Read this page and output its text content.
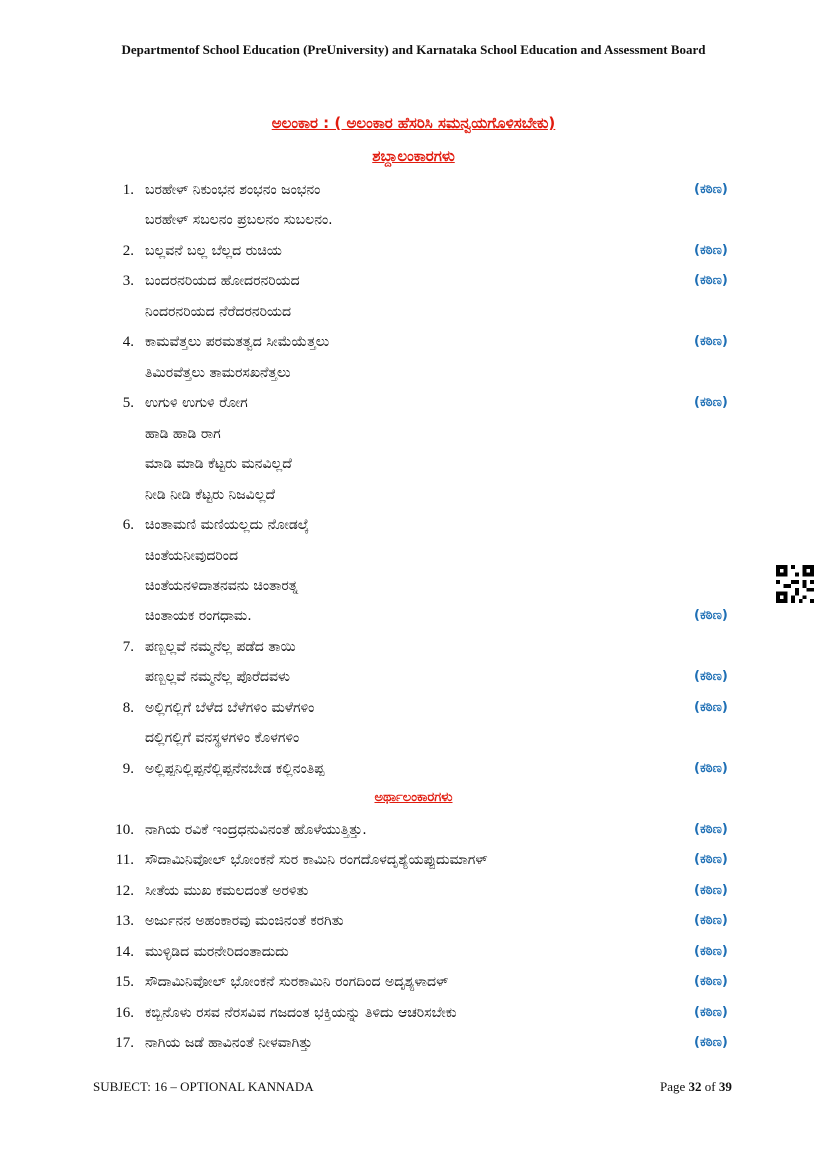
Departmentof School Education (PreUniversity) and Karnataka School Education and Assessment Board
ಅಲಂಕಾರ : ( ಅಲಂಕಾರ ಹೆಸರಿಸಿ ಸಮನ್ವಯಗೊಳಿಸಬೇಕು)
ಶಬ್ದಾಲಂಕಾರಗಳು
1. ಬರಹೇಳ್ ನಿಕುಂಭನ ಶಂಭನಂ ಜಂಭನಂ	(ಕಠಿಣ)
ಬರಹೇಳ್ ಸಬಲನಂ ಪ್ರಬಲನಂ ಸುಬಲನಂ.
2. ಬಲ್ಲವನೆ ಬಲ್ಲ ಬೆಲ್ಲದ ರುಚಿಯ	(ಕಠಿಣ)
3. ಬಂದರನರಿಯದ ಹೋದರನರಿಯದ	(ಕಠಿಣ)
ನಿಂದರನರಿಯದ ನೆರೆದರನರಿಯದ
4. ಕಾಮವೆತ್ತಲು ಪರಮತತ್ವದ ಸೀಮೆಯೆತ್ತಲು	(ಕಠಿಣ)
ತಿಮಿರವೆತ್ತಲು ತಾಮರಸಖನೆತ್ತಲು
5. ಉಗುಳಿ ಉಗುಳಿ ರೋಗ	(ಕಠಿಣ)
ಹಾಡಿ ಹಾಡಿ ರಾಗ
ಮಾಡಿ ಮಾಡಿ ಕೆಟ್ಟರು ಮನವಿಲ್ಲದೆ
ನೀಡಿ ನೀಡಿ ಕೆಟ್ಟರು ನಿಜವಿಲ್ಲದೆ
6. ಚಿಂತಾಮಣಿ ಮಣಿಯಲ್ಲದು ನೋಡಲ್ಕೆ
ಚಿಂತೆಯನೀವುದರಿಂದ
ಚಿಂತೆಯನಳಿದಾತನವನು ಚಿಂತಾರತ್ನ
ಚಿಂತಾಯಕ ರಂಗಧಾಮ.	(ಕಠಿಣ)
7. ಪಣ್ಬಲ್ಲವೆ ನಮ್ಮನೆಲ್ಲ ಪಡೆದ ತಾಯಿ
ಪಣ್ಬಲ್ಲವೆ ನಮ್ಮನೆಲ್ಲ ಪೊರೆದವಳು	(ಕಠಿಣ)
8. ಅಲ್ಲಿಗಲ್ಲಿಗೆ ಬೆಳೆದ ಬೆಳೆಗಳಿಂ ಮಳೆಗಳಿಂ	(ಕಠಿಣ)
ದಲ್ಲಿಗಲ್ಲಿಗೆ ವನಸ್ಥಳಗಳಿಂ ಕೊಳಗಳಿಂ
9. ಅಲ್ಲಿಪ್ಪನಿಲ್ಲಿಪ್ಪನೆಲ್ಲಿಪ್ಪನೆನಬೇಡ ಕಲ್ಲಿನಂತಿಪ್ಪ	(ಕಠಿಣ)
ಅರ್ಥಾಲಂಕಾರಗಳು
10. ನಾಗಿಯ ರವಿಕೆ ಇಂದ್ರಧನುವಿನಂತೆ ಹೊಳೆಯುತ್ತಿತ್ತು.	(ಕಠಿಣ)
11. ಸೌದಾಮಿನಿವೋಲ್ ಭೋಂಕನೆ ಸುರ ಕಾಮಿನಿ ರಂಗದೊಳದೃಶ್ಯೆಯಪ್ಪುದುಮಾಗಳ್	(ಕಠಿಣ)
12. ಸೀತೆಯ ಮುಖ ಕಮಲದಂತೆ ಅರಳಿತು	(ಕಠಿಣ)
13. ಅರ್ಜುನನ ಅಹಂಕಾರವು ಮಂಜಿನಂತೆ ಕರಗಿತು	(ಕಠಿಣ)
14. ಮುಳ್ಳಿಡಿದ ಮರನೇರಿದಂತಾದುದು	(ಕಠಿಣ)
15. ಸೌದಾಮಿನಿವೋಲ್ ಭೋಂಕನೆ ಸುರಕಾಮಿನಿ ರಂಗದಿಂದ ಅದೃಶ್ಯಳಾದಳ್	(ಕಠಿಣ)
16. ಕಬ್ಬಿನೊಳು ರಸವ ನೆರಸವಿವ ಗಜದಂತ ಭಕ್ತಿಯನ್ನು ತಿಳಿದು ಆಚರಿಸಬೇಕು	(ಕಠಿಣ)
17. ನಾಗಿಯ ಜಡೆ ಹಾವಿನಂತೆ ನೀಳವಾಗಿತ್ತು	(ಕಠಿಣ)
SUBJECT: 16 – OPTIONAL KANNADA	Page 32 of 39
